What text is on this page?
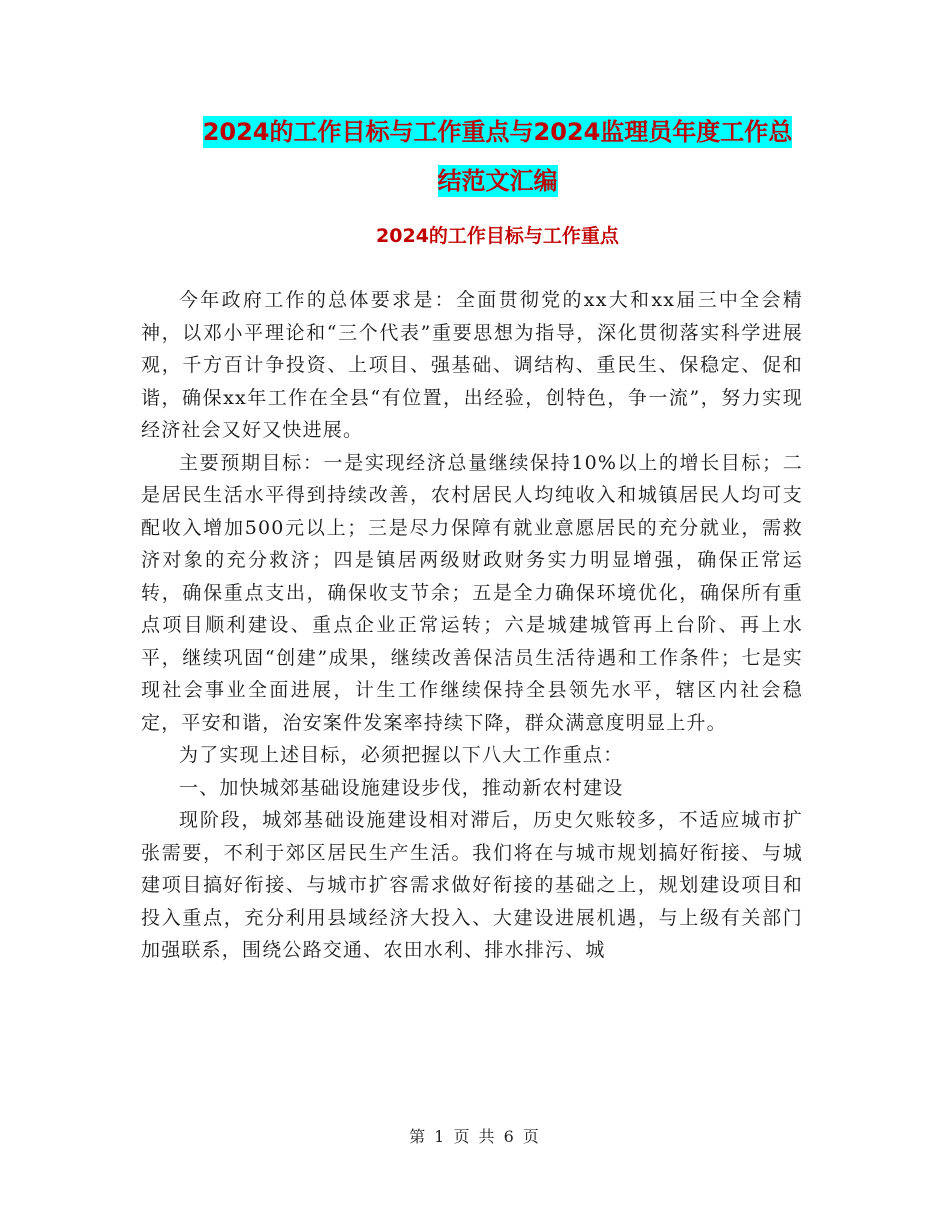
2024的工作目标与工作重点与2024监理员年度工作总
结范文汇编
2024的工作目标与工作重点

今年政府工作的总体要求是：全面贯彻党的xx大和xx届三中全会精神，以邓小平理论和“三个代表”重要思想为指导，深化贯彻落实科学进展观，千方百计争投资、上项目、强基础、调结构、重民生、保稳定、促和谐，确保xx年工作在全县“有位置，出经验，创特色，争一流”，努力实现经济社会又好又快进展。

主要预期目标：一是实现经济总量继续保持10%以上的增长目标；二是居民生活水平得到持续改善，农村居民人均纯收入和城镇居民人均可支配收入增加500元以上；三是尽力保障有就业意愿居民的充分就业，需救济对象的充分救济；四是镇居两级财政财务实力明显增强，确保正常运转，确保重点支出，确保收支节余；五是全力确保环境优化，确保所有重点项目顺利建设、重点企业正常运转；六是城建城管再上台阶、再上水平，继续巩固“创建”成果，继续改善保洁员生活待遇和工作条件；七是实现社会事业全面进展，计生工作继续保持全县领先水平，辖区内社会稳定，平安和谐，治安案件发案率持续下降，群众满意度明显上升。

为了实现上述目标，必须把握以下八大工作重点：

一、加快城郊基础设施建设步伐，推动新农村建设

现阶段，城郊基础设施建设相对滞后，历史欠账较多，不适应城市扩张需要，不利于郊区居民生产生活。我们将在与城市规划搞好衔接、与城建项目搞好衔接、与城市扩容需求做好衔接的基础之上，规划建设项目和投入重点，充分利用县域经济大投入、大建设进展机遇，与上级有关部门加强联系，围绕公路交通、农田水利、排水排污、城

第 1 页 共 6 页
